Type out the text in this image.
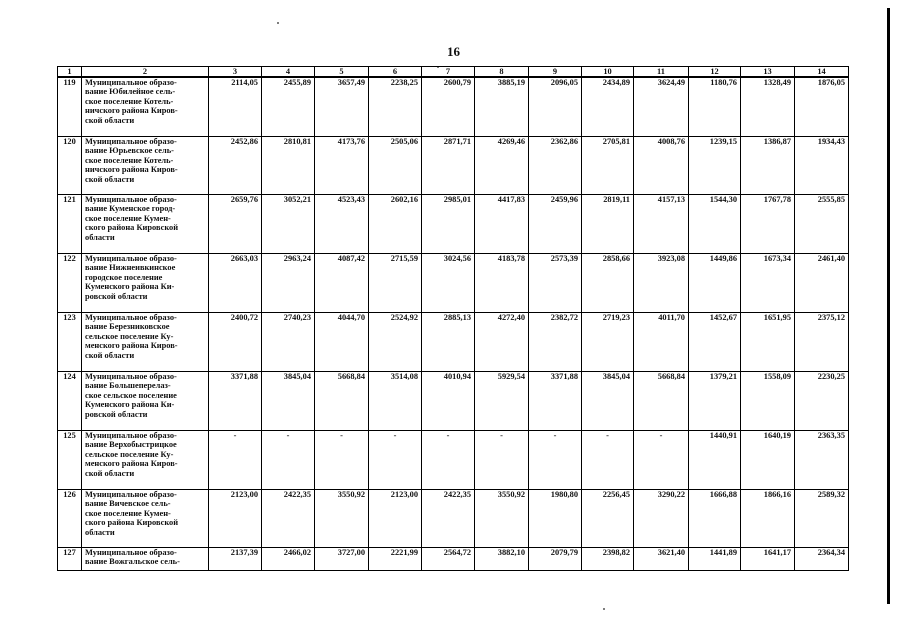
16
1	2	3	4	5	6	7	8	9	10	11	12	13	14
119	Муниципальное образо-
вание Юбилейное сель-
ское поселение Котель-
ничского района Киров-
ской области	2114,05	2455,89	3657,49	2238,25	2600,79	3885,19	2096,05	2434,89	3624,49	1180,76	1328,49	1876,05
120	Муниципальное образо-
вание Юрьевское сель-
ское поселение Котель-
ничского района Киров-
ской области	2452,86	2810,81	4173,76	2505,06	2871,71	4269,46	2362,86	2705,81	4008,76	1239,15	1386,87	1934,43
121	Муниципальное образо-
вание Куменское город-
ское поселение Кумен-
ского района Кировской
области	2659,76	3052,21	4523,43	2602,16	2985,01	4417,83	2459,96	2819,11	4157,13	1544,30	1767,78	2555,85
122	Муниципальное образо-
вание Нижнеивкинское
городское поселение
Куменского района Ки-
ровской области	2663,03	2963,24	4087,42	2715,59	3024,56	4183,78	2573,39	2858,66	3923,08	1449,86	1673,34	2461,40
123	Муниципальное образо-
вание Березниковское
сельское поселение Ку-
менского района Киров-
ской области	2400,72	2740,23	4044,70	2524,92	2885,13	4272,40	2382,72	2719,23	4011,70	1452,67	1651,95	2375,12
124	Муниципальное образо-
вание Большеперелаз-
ское сельское поселение
Куменского района Ки-
ровской области	3371,88	3845,04	5668,84	3514,08	4010,94	5929,54	3371,88	3845,04	5668,84	1379,21	1558,09	2230,25
125	Муниципальное образо-
вание Верхобыстрицкое
сельское поселение Ку-
менского района Киров-
ской области	-	-	-	-	-	-	-	-	-	1440,91	1640,19	2363,35
126	Муниципальное образо-
вание Вичевское сель-
ское поселение Кумен-
ского района Кировской
области	2123,00	2422,35	3550,92	2123,00	2422,35	3550,92	1980,80	2256,45	3290,22	1666,88	1866,16	2589,32
127	Муниципальное образо-
вание Вожгальское сель-	2137,39	2466,02	3727,00	2221,99	2564,72	3882,10	2079,79	2398,82	3621,40	1441,89	1641,17	2364,34
